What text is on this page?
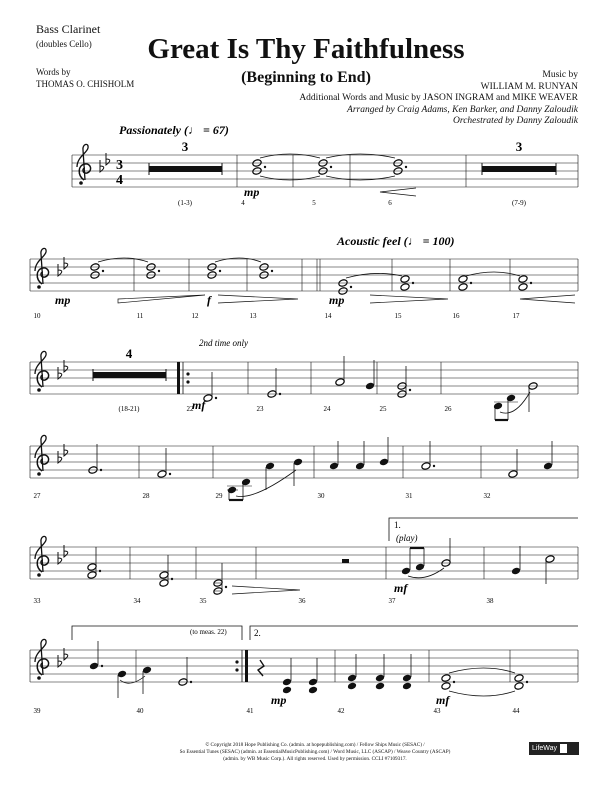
Bass Clarinet
(doubles Cello)
Words by
THOMAS O. CHISHOLM
Great Is Thy Faithfulness
(Beginning to End)	Music by
WILLIAM M. RUNYAN
Additional Words and Music by JASON INGRAM and MIKE WEAVER
Arranged by Craig Adams, Ken Barker, and Danny Zaloudik
Orchestrated by Danny Zaloudik
3
4
3	3
mp
Passionately (♩ = 67)
(1-3)	4	5	6	(7-9)
mp	f	mp
Acoustic feel (♩ = 100)
10	11	12	13	14	15	16	17
4
mf
2nd time only
(18-21)	22	23	24	25	26
27	28	29	30	31	32
1.
(play)
mf
33	34	35	36	37	38
2.
(to meas. 22)
mp	mf
39	40	41	42	43	44
© Copyright 2018 Hope Publishing Co. (admin. at hopepublishing.com) / Fellow Ships Music (SESAC) /
So Essential Tunes (SESAC) (admin. at EssentialMusicPublishing.com) / Word Music, LLC (ASCAP) / Weave Country (ASCAP)
(admin. by WB Music Corp.). All rights reserved. Used by permission. CCLI #7109317.
LifeWayWorship
